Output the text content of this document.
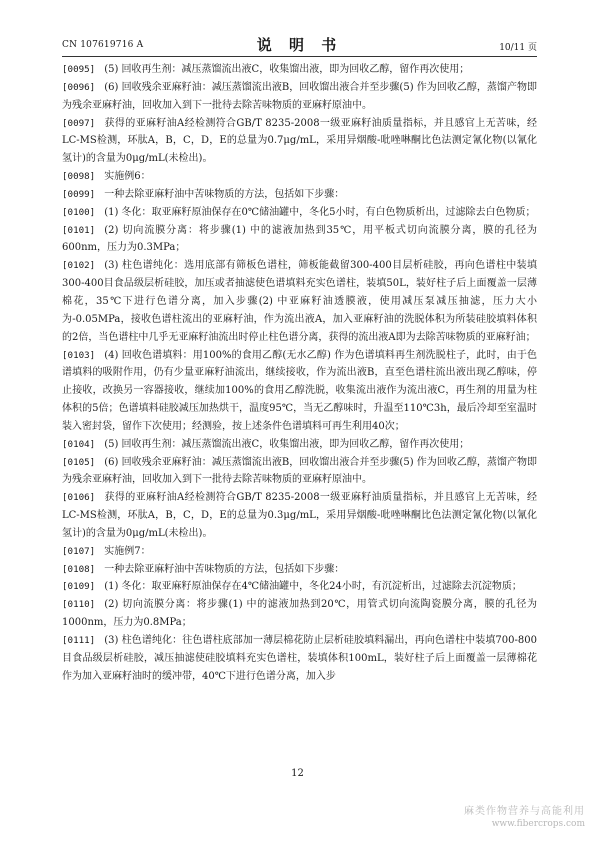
CN 107619716 A	说 明 书	10/11 页

[0095] (5) 回收再生剂：减压蒸馏流出液C，收集馏出液，即为回收乙醇，留作再次使用；

[0096] (6) 回收残余亚麻籽油：减压蒸馏流出液B，回收馏出液合并至步骤(5) 作为回收乙醇，蒸馏产物即为残余亚麻籽油，回收加入到下一批待去除苦味物质的亚麻籽原油中。

[0097] 获得的亚麻籽油A经检测符合GB/T 8235-2008一级亚麻籽油质量指标，并且感官上无苦味，经LC-MS检测，环肽A，B，C，D，E的总量为0.7μg/mL，采用异烟酸-吡唑啉酮比色法测定氰化物(以氰化氢计)的含量为0μg/mL(未检出)。

[0098] 实施例6：

[0099] 一种去除亚麻籽油中苦味物质的方法，包括如下步骤：

[0100] (1) 冬化：取亚麻籽原油保存在0℃储油罐中，冬化5小时，有白色物质析出，过滤除去白色物质；

[0101] (2) 切向流膜分离：将步骤(1) 中的滤液加热到35℃，用平板式切向流膜分离，膜的孔径为600nm，压力为0.3MPa；

[0102] (3) 柱色谱纯化：选用底部有筛板色谱柱，筛板能截留300-400目层析硅胶，再向色谱柱中装填300-400目食品级层析硅胶，加压或者抽滤使色谱填料充实色谱柱，装填50L，装好柱子后上面覆盖一层薄棉花，35℃下进行色谱分离，加入步骤(2) 中亚麻籽油透膜液，使用减压泵减压抽滤，压力大小为-0.05MPa，接收色谱柱流出的亚麻籽油，作为流出液A，加入亚麻籽油的洗脱体积为所装硅胶填料体积的2倍，当色谱柱中几乎无亚麻籽油流出时停止柱色谱分离，获得的流出液A即为去除苦味物质的亚麻籽油；

[0103] (4) 回收色谱填料：用100%的食用乙醇(无水乙醇) 作为色谱填料再生剂洗脱柱子，此时，由于色谱填料的吸附作用，仍有少量亚麻籽油流出，继续接收，作为流出液B，直至色谱柱流出液出现乙醇味，停止接收，改换另一容器接收，继续加100%的食用乙醇洗脱，收集流出液作为流出液C，再生剂的用量为柱体积的5倍；色谱填料硅胶减压加热烘干，温度95℃，当无乙醇味时，升温至110℃3h，最后冷却至室温时装入密封袋，留作下次使用；经测验，按上述条件色谱填料可再生利用40次；

[0104] (5) 回收再生剂：减压蒸馏流出液C，收集馏出液，即为回收乙醇，留作再次使用；

[0105] (6) 回收残余亚麻籽油：减压蒸馏流出液B，回收馏出液合并至步骤(5) 作为回收乙醇，蒸馏产物即为残余亚麻籽油，回收加入到下一批待去除苦味物质的亚麻籽原油中。

[0106] 获得的亚麻籽油A经检测符合GB/T 8235-2008一级亚麻籽油质量指标，并且感官上无苦味，经LC-MS检测，环肽A，B，C，D，E的总量为0.3μg/mL，采用异烟酸-吡唑啉酮比色法测定氰化物(以氰化氢计)的含量为0μg/mL(未检出)。

[0107] 实施例7：

[0108] 一种去除亚麻籽油中苦味物质的方法，包括如下步骤：

[0109] (1) 冬化：取亚麻籽原油保存在4℃储油罐中，冬化24小时，有沉淀析出，过滤除去沉淀物质；

[0110] (2) 切向流膜分离：将步骤(1) 中的滤液加热到20℃，用管式切向流陶瓷膜分离，膜的孔径为1000nm，压力为0.8MPa；

[0111] (3) 柱色谱纯化：往色谱柱底部加一薄层棉花防止层析硅胶填料漏出，再向色谱柱中装填700-800目食品级层析硅胶，减压抽滤使硅胶填料充实色谱柱，装填体积100mL，装好柱子后上面覆盖一层薄棉花作为加入亚麻籽油时的缓冲带，40℃下进行色谱分离，加入步

12
麻类作物营养与高能利用
www.fibercrops.com
